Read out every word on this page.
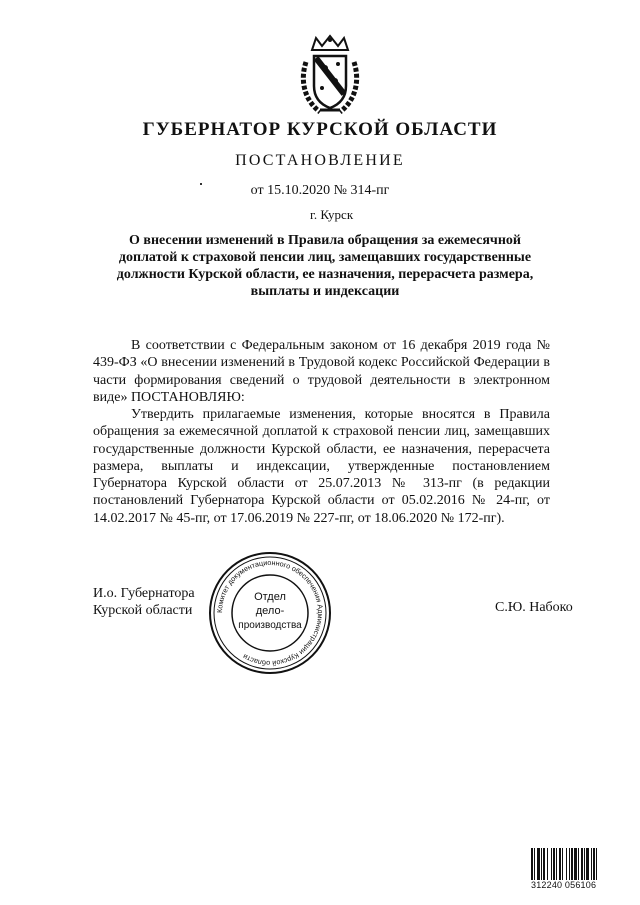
ГУБЕРНАТОР КУРСКОЙ ОБЛАСТИ
ПОСТАНОВЛЕНИЕ
от 15.10.2020 № 314-пг
г. Курск
О внесении изменений в Правила обращения за ежемесячной
доплатой к страховой пенсии лиц, замещавших государственные
должности Курской области, ее назначения, перерасчета размера,
выплаты и индексации
В соответствии с Федеральным законом от 16 декабря 2019 года № 439-ФЗ «О внесении изменений в Трудовой кодекс Российской Федерации в части формирования сведений о трудовой деятельности в электронном виде» ПОСТАНОВЛЯЮ:
Утвердить прилагаемые изменения, которые вносятся в Правила обращения за ежемесячной доплатой к страховой пенсии лиц, замещавших государственные должности Курской области, ее назначения, перерасчета размера, выплаты и индексации, утвержденные постановлением Губернатора Курской области от 25.07.2013 № 313-пг (в редакции постановлений Губернатора Курской области от 05.02.2016 № 24-пг, от 14.02.2017 № 45-пг, от 17.06.2019 № 227-пг, от 18.06.2020 № 172-пг).
И.о. Губернатора
Курской области	С.Ю. Набоко
Комитет документационного обеспечения Администрации Курской области
Отдел
дело-
производства
312240 056106
